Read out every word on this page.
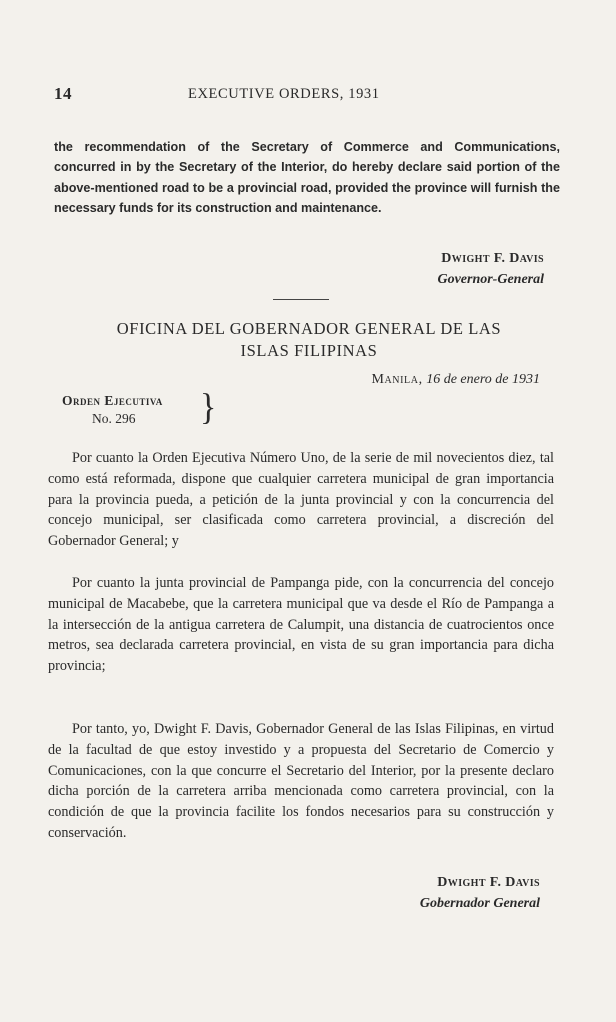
14	EXECUTIVE ORDERS, 1931

the recommendation of the Secretary of Commerce and Communications, concurred in by the Secretary of the Interior, do hereby declare said portion of the above-mentioned road to be a provincial road, provided the province will furnish the necessary funds for its construction and maintenance.

Dwight F. Davis
Governor-General
OFICINA DEL GOBERNADOR GENERAL DE LAS
ISLAS FILIPINAS
Manila, 16 de enero de 1931
Orden Ejecutiva
No. 296	}

Por cuanto la Orden Ejecutiva Número Uno, de la serie de mil novecientos diez, tal como está reformada, dispone que cualquier carretera municipal de gran importancia para la provincia pueda, a petición de la junta provincial y con la concurrencia del concejo municipal, ser clasificada como carretera provincial, a discreción del Gobernador General; y

Por cuanto la junta provincial de Pampanga pide, con la concurrencia del concejo municipal de Macabebe, que la carretera municipal que va desde el Río de Pampanga a la intersección de la antigua carretera de Calumpit, una distancia de cuatrocientos once metros, sea declarada carretera provincial, en vista de su gran importancia para dicha provincia;

Por tanto, yo, Dwight F. Davis, Gobernador General de las Islas Filipinas, en virtud de la facultad de que estoy investido y a propuesta del Secretario de Comercio y Comunicaciones, con la que concurre el Secretario del Interior, por la presente declaro dicha porción de la carretera arriba mencionada como carretera provincial, con la condición de que la provincia facilite los fondos necesarios para su construcción y conservación.

Dwight F. Davis
Gobernador General
